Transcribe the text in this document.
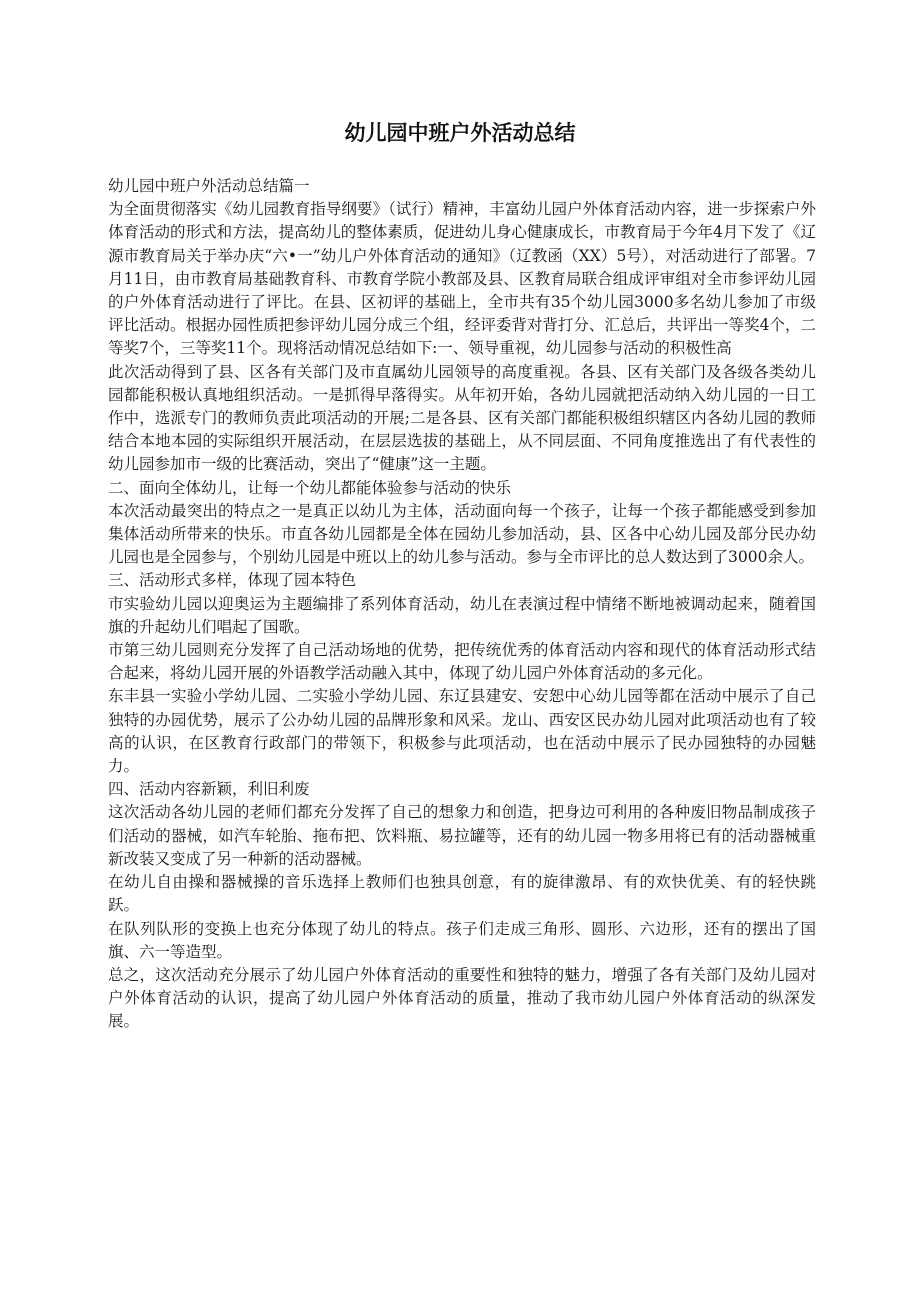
幼儿园中班户外活动总结

幼儿园中班户外活动总结篇一

为全面贯彻落实《幼儿园教育指导纲要》（试行）精神，丰富幼儿园户外体育活动内容，进一步探索户外体育活动的形式和方法，提高幼儿的整体素质，促进幼儿身心健康成长，市教育局于今年4月下发了《辽源市教育局关于举办庆“六•一”幼儿户外体育活动的通知》（辽教函（XX）5号），对活动进行了部署。7月11日，由市教育局基础教育科、市教育学院小教部及县、区教育局联合组成评审组对全市参评幼儿园的户外体育活动进行了评比。在县、区初评的基础上，全市共有35个幼儿园3000多名幼儿参加了市级评比活动。根据办园性质把参评幼儿园分成三个组，经评委背对背打分、汇总后，共评出一等奖4个，二等奖7个，三等奖11个。现将活动情况总结如下:一、领导重视，幼儿园参与活动的积极性高

此次活动得到了县、区各有关部门及市直属幼儿园领导的高度重视。各县、区有关部门及各级各类幼儿园都能积极认真地组织活动。一是抓得早落得实。从年初开始，各幼儿园就把活动纳入幼儿园的一日工作中，选派专门的教师负责此项活动的开展;二是各县、区有关部门都能积极组织辖区内各幼儿园的教师结合本地本园的实际组织开展活动，在层层选拔的基础上，从不同层面、不同角度推选出了有代表性的幼儿园参加市一级的比赛活动，突出了“健康”这一主题。

二、面向全体幼儿，让每一个幼儿都能体验参与活动的快乐

本次活动最突出的特点之一是真正以幼儿为主体，活动面向每一个孩子，让每一个孩子都能感受到参加集体活动所带来的快乐。市直各幼儿园都是全体在园幼儿参加活动，县、区各中心幼儿园及部分民办幼儿园也是全园参与，个别幼儿园是中班以上的幼儿参与活动。参与全市评比的总人数达到了3000余人。

三、活动形式多样，体现了园本特色

市实验幼儿园以迎奥运为主题编排了系列体育活动，幼儿在表演过程中情绪不断地被调动起来，随着国旗的升起幼儿们唱起了国歌。

市第三幼儿园则充分发挥了自己活动场地的优势，把传统优秀的体育活动内容和现代的体育活动形式结合起来，将幼儿园开展的外语教学活动融入其中，体现了幼儿园户外体育活动的多元化。

东丰县一实验小学幼儿园、二实验小学幼儿园、东辽县建安、安恕中心幼儿园等都在活动中展示了自己独特的办园优势，展示了公办幼儿园的品牌形象和风采。龙山、西安区民办幼儿园对此项活动也有了较高的认识，在区教育行政部门的带领下，积极参与此项活动，也在活动中展示了民办园独特的办园魅力。

四、活动内容新颖，利旧利废

这次活动各幼儿园的老师们都充分发挥了自己的想象力和创造，把身边可利用的各种废旧物品制成孩子们活动的器械，如汽车轮胎、拖布把、饮料瓶、易拉罐等，还有的幼儿园一物多用将已有的活动器械重新改装又变成了另一种新的活动器械。

在幼儿自由操和器械操的音乐选择上教师们也独具创意，有的旋律激昂、有的欢快优美、有的轻快跳跃。

在队列队形的变换上也充分体现了幼儿的特点。孩子们走成三角形、圆形、六边形，还有的摆出了国旗、六一等造型。

总之，这次活动充分展示了幼儿园户外体育活动的重要性和独特的魅力，增强了各有关部门及幼儿园对户外体育活动的认识，提高了幼儿园户外体育活动的质量，推动了我市幼儿园户外体育活动的纵深发展。
